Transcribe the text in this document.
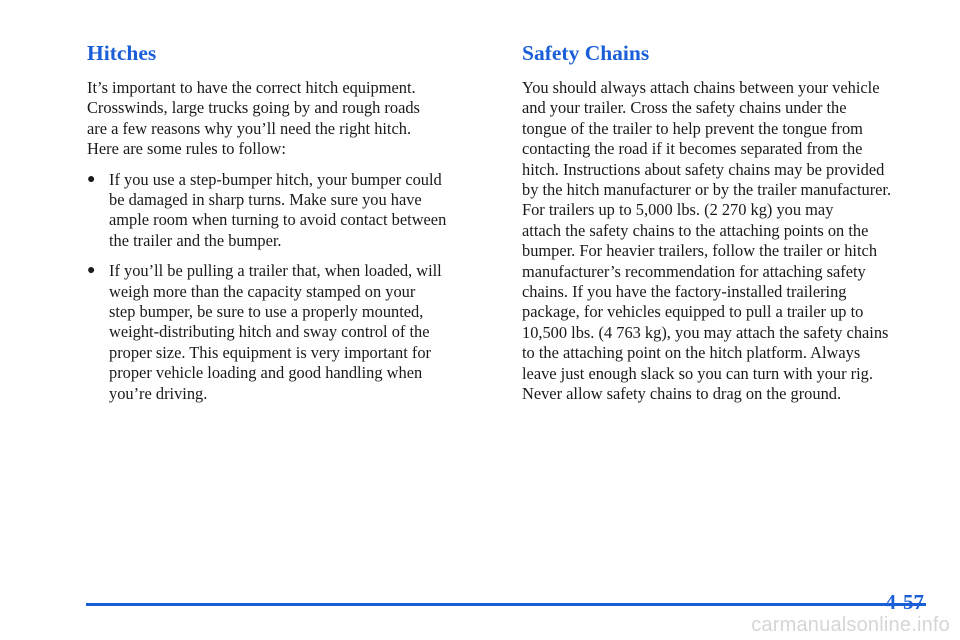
Hitches

It’s important to have the correct hitch equipment.
Crosswinds, large trucks going by and rough roads
are a few reasons why you’ll need the right hitch.
Here are some rules to follow:

● If you use a step-bumper hitch, your bumper could
be damaged in sharp turns. Make sure you have
ample room when turning to avoid contact between
the trailer and the bumper.

● If you’ll be pulling a trailer that, when loaded, will
weigh more than the capacity stamped on your
step bumper, be sure to use a properly mounted,
weight-distributing hitch and sway control of the
proper size. This equipment is very important for
proper vehicle loading and good handling when
you’re driving.

Safety Chains

You should always attach chains between your vehicle
and your trailer. Cross the safety chains under the
tongue of the trailer to help prevent the tongue from
contacting the road if it becomes separated from the
hitch. Instructions about safety chains may be provided
by the hitch manufacturer or by the trailer manufacturer.
For trailers up to 5,000 lbs. (2 270 kg) you may
attach the safety chains to the attaching points on the
bumper. For heavier trailers, follow the trailer or hitch
manufacturer’s recommendation for attaching safety
chains. If you have the factory-installed trailering
package, for vehicles equipped to pull a trailer up to
10,500 lbs. (4 763 kg), you may attach the safety chains
to the attaching point on the hitch platform. Always
leave just enough slack so you can turn with your rig.
Never allow safety chains to drag on the ground.

4-57
carmanualsonline.info
